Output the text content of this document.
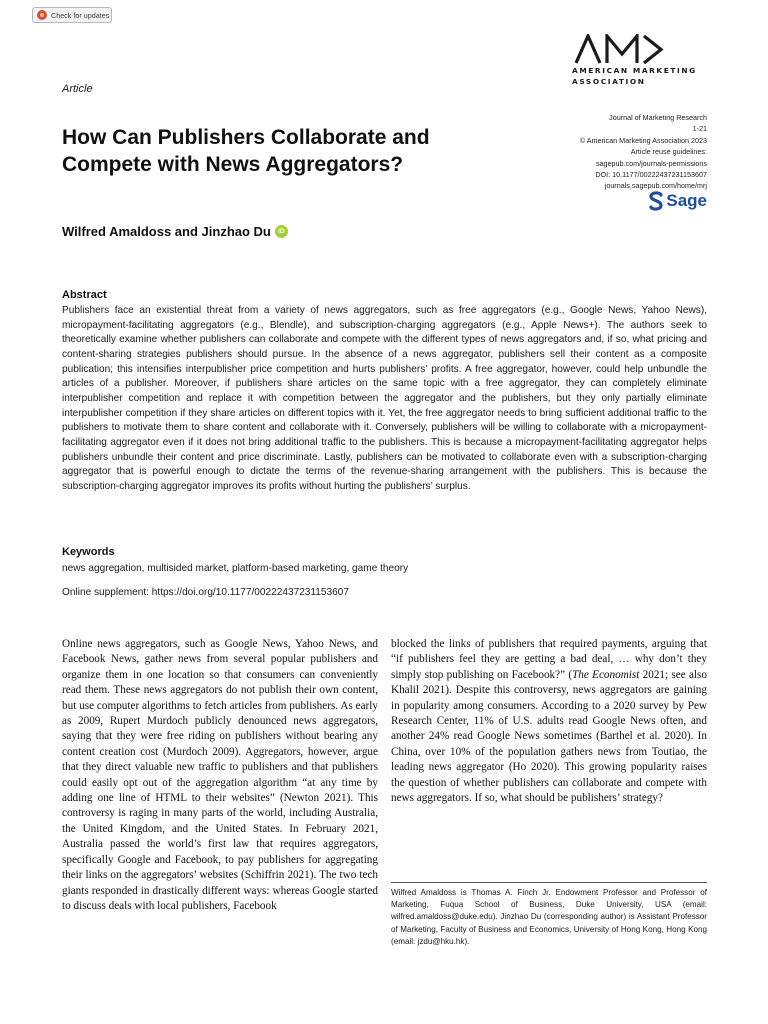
Check for updates
AMERICAN MARKETING
ASSOCIATION
Article
How Can Publishers Collaborate and Compete with News Aggregators?
Journal of Marketing Research
1-21
© American Marketing Association 2023
Article reuse guidelines:
sagepub.com/journals-permissions
DOI: 10.1177/00222437231153607
journals.sagepub.com/home/mrj
Sage
Wilfred Amaldoss and Jinzhao Du	iD
Abstract

Publishers face an existential threat from a variety of news aggregators, such as free aggregators (e.g., Google News, Yahoo News), micropayment-facilitating aggregators (e.g., Blendle), and subscription-charging aggregators (e.g., Apple News+). The authors seek to theoretically examine whether publishers can collaborate and compete with the different types of news aggregators and, if so, what pricing and content-sharing strategies publishers should pursue. In the absence of a news aggregator, publishers sell their content as a composite publication; this intensifies interpublisher price competition and hurts publishers’ profits. A free aggregator, however, could help unbundle the articles of a publisher. Moreover, if publishers share articles on the same topic with a free aggregator, they can completely eliminate interpublisher competition and replace it with competition between the aggregator and the publishers, but they only partially eliminate interpublisher competition if they share articles on different topics with it. Yet, the free aggregator needs to bring sufficient additional traffic to the publishers to motivate them to share content and collaborate with it. Conversely, publishers will be willing to collaborate with a micropayment-facilitating aggregator even if it does not bring additional traffic to the publishers. This is because a micropayment-facilitating aggregator helps publishers unbundle their content and price discriminate. Lastly, publishers can be motivated to collaborate even with a subscription-charging aggregator that is powerful enough to dictate the terms of the revenue-sharing arrangement with the publishers. This is because the subscription-charging aggregator improves its profits without hurting the publishers’ surplus.

Keywords

news aggregation, multisided market, platform-based marketing, game theory

Online supplement: https://doi.org/10.1177/00222437231153607

Online news aggregators, such as Google News, Yahoo News, and Facebook News, gather news from several popular publishers and organize them in one location so that consumers can conveniently read them. These news aggregators do not publish their own content, but use computer algorithms to fetch articles from publishers. As early as 2009, Rupert Murdoch publicly denounced news aggregators, saying that they were free riding on publishers without bearing any content creation cost (Murdoch 2009). Aggregators, however, argue that they direct valuable new traffic to publishers and that publishers could easily opt out of the aggregation algorithm “at any time by adding one line of HTML to their websites” (Newton 2021). This controversy is raging in many parts of the world, including Australia, the United Kingdom, and the United States. In February 2021, Australia passed the world’s first law that requires aggregators, specifically Google and Facebook, to pay publishers for aggregating their links on the aggregators’ websites (Schiffrin 2021). The two tech giants responded in drastically different ways: whereas Google started to discuss deals with local publishers, Facebook

blocked the links of publishers that required payments, arguing that “if publishers feel they are getting a bad deal, … why don’t they simply stop publishing on Facebook?” (The Economist 2021; see also Khalil 2021). Despite this controversy, news aggregators are gaining in popularity among consumers. According to a 2020 survey by Pew Research Center, 11% of U.S. adults read Google News often, and another 24% read Google News sometimes (Barthel et al. 2020). In China, over 10% of the population gathers news from Toutiao, the leading news aggregator (Ho 2020). This growing popularity raises the question of whether publishers can collaborate and compete with news aggregators. If so, what should be publishers’ strategy?

Wilfred Amaldoss is Thomas A. Finch Jr. Endowment Professor and Professor of Marketing, Fuqua School of Business, Duke University, USA (email: wilfred.amaldoss@duke.edu). Jinzhao Du (corresponding author) is Assistant Professor of Marketing, Faculty of Business and Economics, University of Hong Kong, Hong Kong (email: jzdu@hku.hk).
